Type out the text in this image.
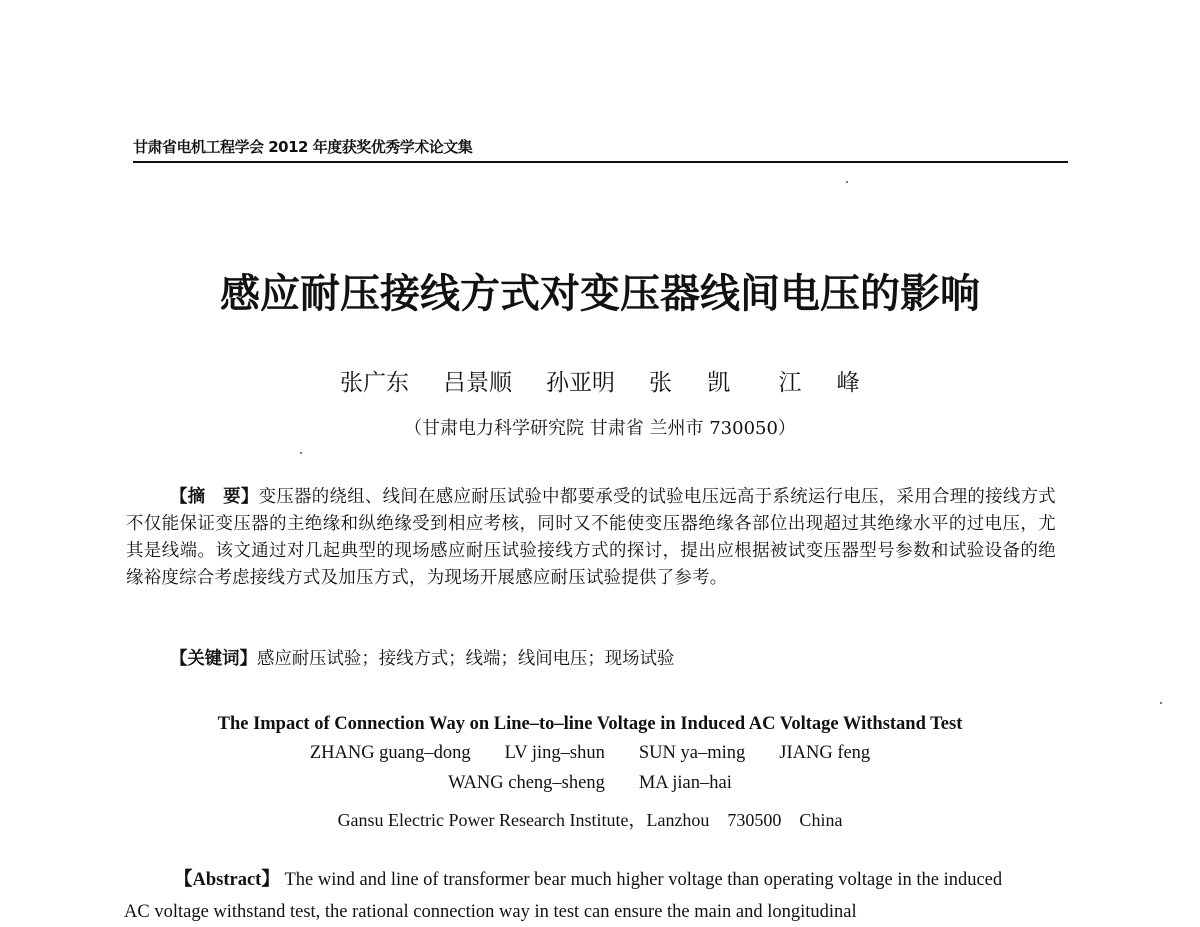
甘肃省电机工程学会 2012 年度获奖优秀学术论文集
感应耐压接线方式对变压器线间电压的影响
张广东 吕景顺 孙亚明 张 凯 江 峰
（甘肃电力科学研究院 甘肃省 兰州市 730050）
【摘　要】变压器的绕组、线间在感应耐压试验中都要承受的试验电压远高于系统运行电压，采用合理的接线方式不仅能保证变压器的主绝缘和纵绝缘受到相应考核，同时又不能使变压器绝缘各部位出现超过其绝缘水平的过电压，尤其是线端。该文通过对几起典型的现场感应耐压试验接线方式的探讨，提出应根据被试变压器型号参数和试验设备的绝缘裕度综合考虑接线方式及加压方式，为现场开展感应耐压试验提供了参考。
【关键词】感应耐压试验；接线方式；线端；线间电压；现场试验
The Impact of Connection Way on Line–to–line Voltage in Induced AC Voltage Withstand Test
ZHANG guang–dong LV jing–shun SUN ya–ming JIANG feng
WANG cheng–sheng MA jian–hai
Gansu Electric Power Research Institute，Lanzhou　730500　China
【Abstract】 The wind and line of transformer bear much higher voltage than operating voltage in the induced AC voltage withstand test, the rational connection way in test can ensure the main and longitudinal
